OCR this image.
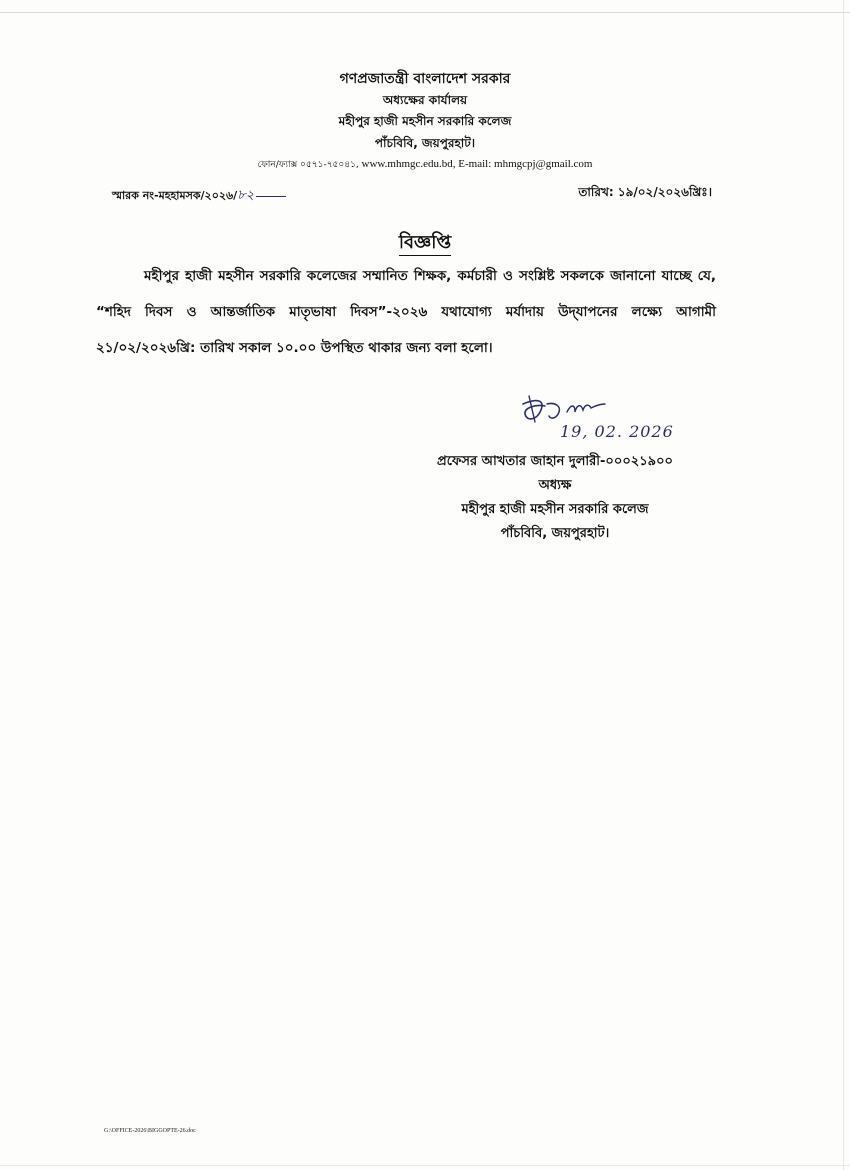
গণপ্রজাতন্ত্রী বাংলাদেশ সরকার
অধ্যক্ষের কার্যালয়
মহীপুর হাজী মহসীন সরকারি কলেজ
পাঁচবিবি, জয়পুরহাট।
ফোন/ফ্যাক্স ০৫৭১-৭৫০৪১, www.mhmgc.edu.bd, E-mail: mhmgcpj@gmail.com
স্মারক নং-মহহামসক/২০২৬/৮২	তারিখ: ১৯/০২/২০২৬খ্রিঃ।
বিজ্ঞপ্তি
মহীপুর হাজী মহসীন সরকারি কলেজের সম্মানিত শিক্ষক, কর্মচারী ও সংশ্লিষ্ট সকলকে জানানো যাচ্ছে যে, “শহিদ দিবস ও আন্তর্জাতিক মাতৃভাষা দিবস”-২০২৬ যথাযোগ্য মর্যাদায় উদ্‌যাপনের লক্ষ্যে আগামী ২১/০২/২০২৬খ্রি: তারিখ সকাল ১০.০০ উপস্থিত থাকার জন্য বলা হলো।
19, 02. 2026
প্রফেসর আখতার জাহান দুলারী-০০০২১৯০০
অধ্যক্ষ
মহীপুর হাজী মহসীন সরকারি কলেজ
পাঁচবিবি, জয়পুরহাট।
G:\OFFICE-2026\BIGGOPTE-26.doc
